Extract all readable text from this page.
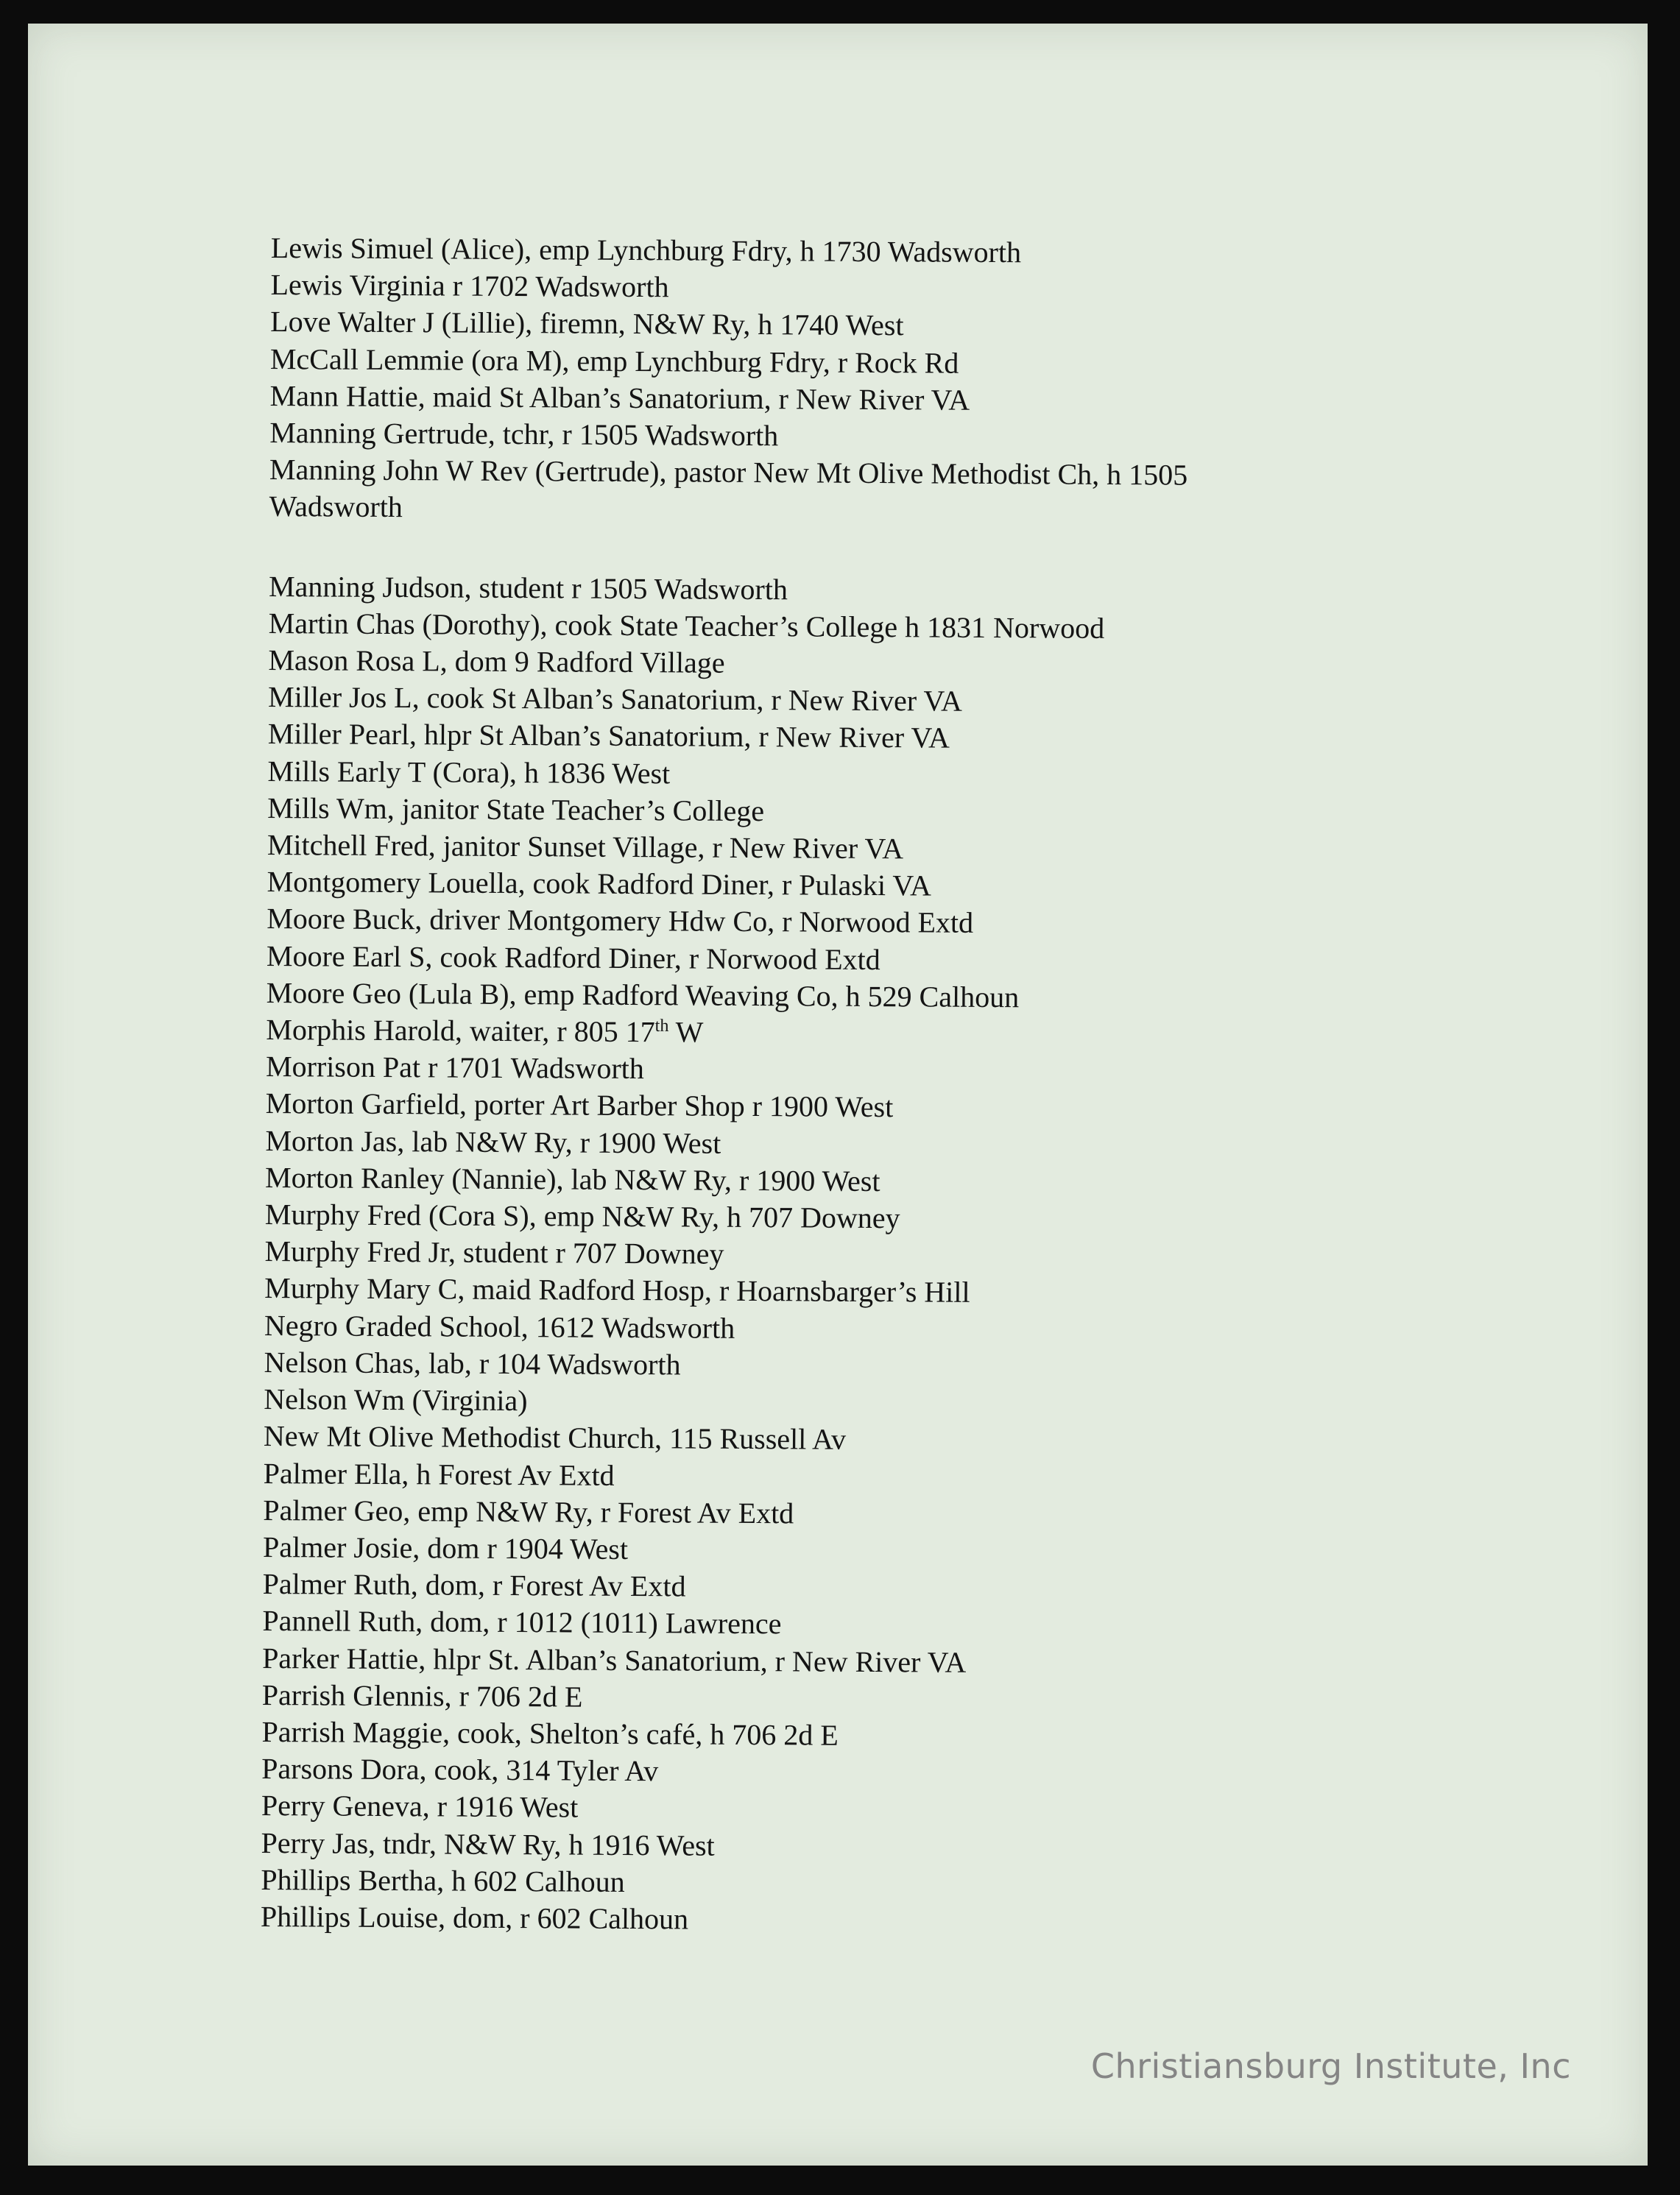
Lewis Simuel (Alice), emp Lynchburg Fdry, h 1730 Wadsworth

Lewis Virginia r 1702 Wadsworth

Love Walter J (Lillie), firemn, N&W Ry, h 1740 West

McCall Lemmie (ora M), emp Lynchburg Fdry, r Rock Rd

Mann Hattie, maid St Alban’s Sanatorium, r New River VA

Manning Gertrude, tchr, r 1505 Wadsworth

Manning John W Rev (Gertrude), pastor New Mt Olive Methodist Ch, h 1505 Wadsworth

Manning Judson, student r 1505 Wadsworth

Martin Chas (Dorothy), cook State Teacher’s College h 1831 Norwood

Mason Rosa L, dom 9 Radford Village

Miller Jos L, cook St Alban’s Sanatorium, r New River VA

Miller Pearl, hlpr St Alban’s Sanatorium, r New River VA

Mills Early T (Cora), h 1836 West

Mills Wm, janitor State Teacher’s College

Mitchell Fred, janitor Sunset Village, r New River VA

Montgomery Louella, cook Radford Diner, r Pulaski VA

Moore Buck, driver Montgomery Hdw Co, r Norwood Extd

Moore Earl S, cook Radford Diner, r Norwood Extd

Moore Geo (Lula B), emp Radford Weaving Co, h 529 Calhoun

Morphis Harold, waiter, r 805 17th W

Morrison Pat r 1701 Wadsworth

Morton Garfield, porter Art Barber Shop r 1900 West

Morton Jas, lab N&W Ry, r 1900 West

Morton Ranley (Nannie), lab N&W Ry, r 1900 West

Murphy Fred (Cora S), emp N&W Ry, h 707 Downey

Murphy Fred Jr, student r 707 Downey

Murphy Mary C, maid Radford Hosp, r Hoarnsbarger’s Hill

Negro Graded School, 1612 Wadsworth

Nelson Chas, lab, r 104 Wadsworth

Nelson Wm (Virginia)

New Mt Olive Methodist Church, 115 Russell Av

Palmer Ella, h Forest Av Extd

Palmer Geo, emp N&W Ry, r Forest Av Extd

Palmer Josie, dom r 1904 West

Palmer Ruth, dom, r Forest Av Extd

Pannell Ruth, dom, r 1012 (1011) Lawrence

Parker Hattie, hlpr St. Alban’s Sanatorium, r New River VA

Parrish Glennis, r 706 2d E

Parrish Maggie, cook, Shelton’s café, h 706 2d E

Parsons Dora, cook, 314 Tyler Av

Perry Geneva, r 1916 West

Perry Jas, tndr, N&W Ry, h 1916 West

Phillips Bertha, h 602 Calhoun

Phillips Louise, dom, r 602 Calhoun

Christiansburg Institute, Inc
